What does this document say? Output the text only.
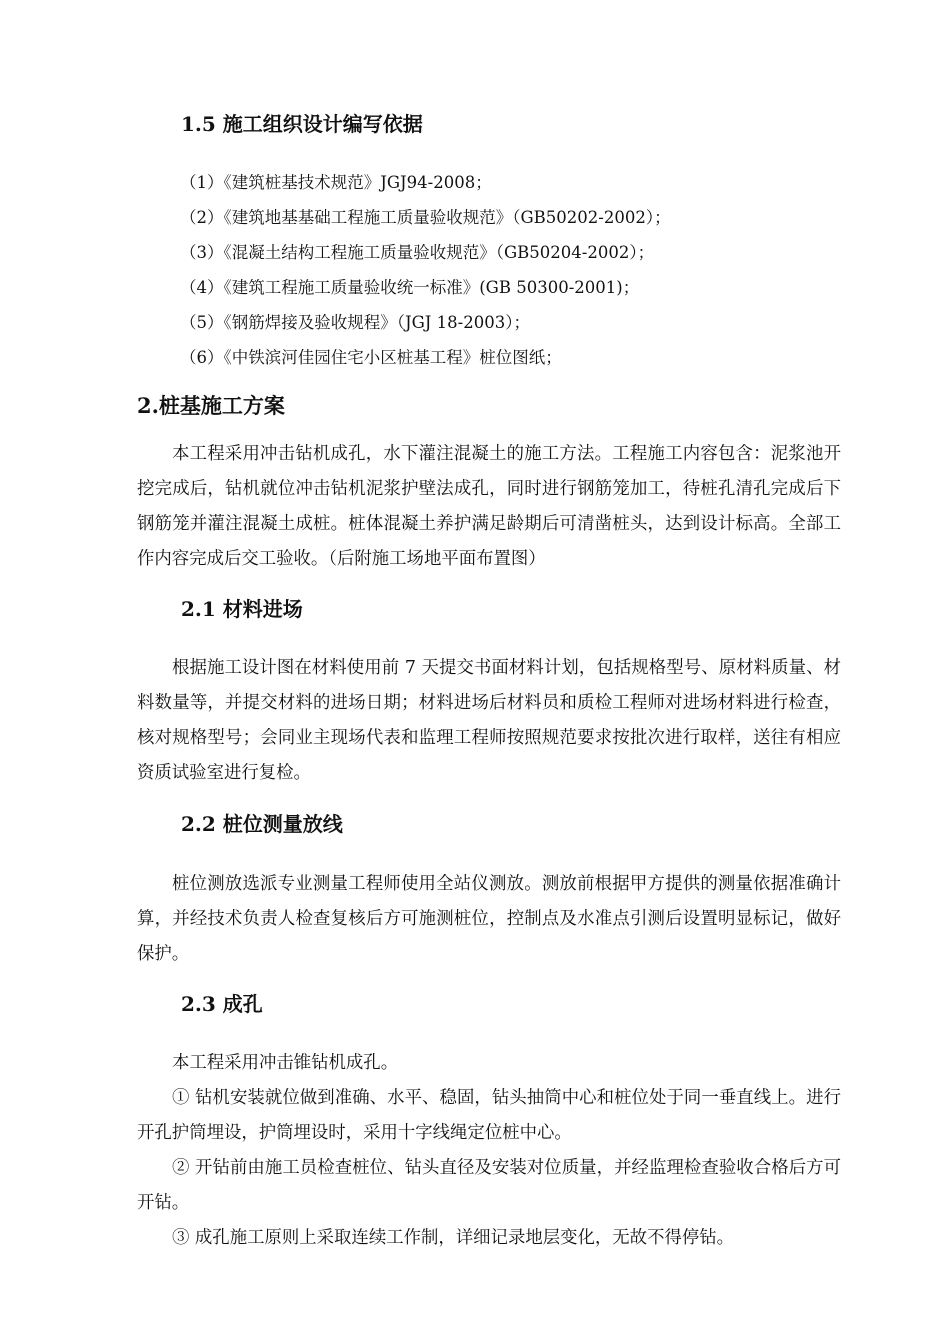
1.5 施工组织设计编写依据
（1）《建筑桩基技术规范》JGJ94-2008；
（2）《建筑地基基础工程施工质量验收规范》（GB50202-2002）；
（3）《混凝土结构工程施工质量验收规范》（GB50204-2002）；
（4）《建筑工程施工质量验收统一标准》(GB 50300-2001)；
（5）《钢筋焊接及验收规程》（JGJ 18-2003）；
（6）《中铁滨河佳园住宅小区桩基工程》桩位图纸；
2.桩基施工方案

本工程采用冲击钻机成孔，水下灌注混凝土的施工方法。工程施工内容包含：泥浆池开挖完成后，钻机就位冲击钻机泥浆护壁法成孔，同时进行钢筋笼加工，待桩孔清孔完成后下钢筋笼并灌注混凝土成桩。桩体混凝土养护满足龄期后可清凿桩头，达到设计标高。全部工作内容完成后交工验收。（后附施工场地平面布置图）

2.1 材料进场

根据施工设计图在材料使用前 7 天提交书面材料计划，包括规格型号、原材料质量、材料数量等，并提交材料的进场日期；材料进场后材料员和质检工程师对进场材料进行检查，核对规格型号；会同业主现场代表和监理工程师按照规范要求按批次进行取样，送往有相应资质试验室进行复检。

2.2 桩位测量放线

桩位测放选派专业测量工程师使用全站仪测放。测放前根据甲方提供的测量依据准确计算，并经技术负责人检查复核后方可施测桩位，控制点及水准点引测后设置明显标记，做好保护。

2.3 成孔

本工程采用冲击锥钻机成孔。

① 钻机安装就位做到准确、水平、稳固，钻头抽筒中心和桩位处于同一垂直线上。进行开孔护筒埋设，护筒埋设时，采用十字线绳定位桩中心。

② 开钻前由施工员检查桩位、钻头直径及安装对位质量，并经监理检查验收合格后方可开钻。

③ 成孔施工原则上采取连续工作制，详细记录地层变化，无故不得停钻。
